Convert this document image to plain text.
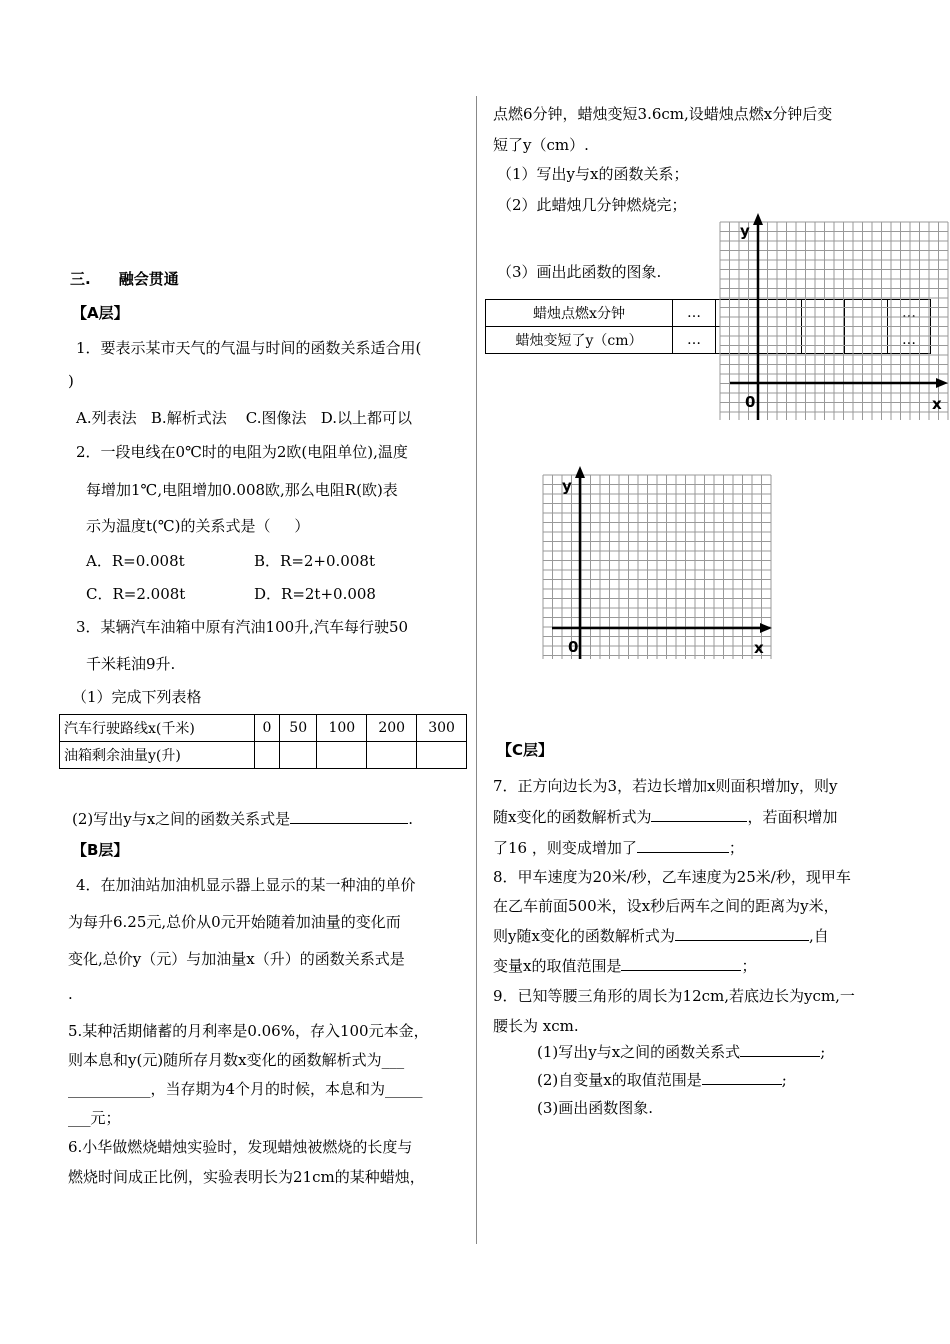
三. 融会贯通
【A层】
1．要表示某市天气的气温与时间的函数关系适合用(
)
A.列表法   B.解析式法    C.图像法   D.以上都可以
2．一段电线在0℃时的电阻为2欧(电阻单位),温度
每增加1℃,电阻增加0.008欧,那么电阻R(欧)表
示为温度t(℃)的关系式是（     ）
A．R=0.008t	B．R=2+0.008t
C．R=2.008t	D．R=2t+0.008
3．某辆汽车油箱中原有汽油100升,汽车每行驶50
千米耗油9升.
（1）完成下列表格
汽车行驶路线x(千米)	0	50	100	200	300
油箱剩余油量y(升)					
(2)写出y与x之间的函数关系式是	.
【B层】
4．在加油站加油机显示器上显示的某一种油的单价
为每升6.25元,总价从0元开始随着加油量的变化而
变化,总价y（元）与加油量x（升）的函数关系式是
.
5.某种活期储蓄的月利率是0.06%，存入100元本金，
则本息和y(元)随所存月数x变化的函数解析式为___
___________，当存期为4个月的时候，本息和为_____
___元；
6.小华做燃烧蜡烛实验时，发现蜡烛被燃烧的长度与
燃烧时间成正比例，实验表明长为21cm的某种蜡烛，
点燃6分钟，蜡烛变短3.6cm,设蜡烛点燃x分钟后变
短了y（cm）.
（1）写出y与x的函数关系；
（2）此蜡烛几分钟燃烧完；
（3）画出此函数的图象.
蜡烛点燃x分钟	…					…
蜡烛变短了y（cm）	…					…
y
0	x
y
0	x
【C层】
7．正方向边长为3，若边长增加x则面积增加y，则y
随x变化的函数解析式为	，若面积增加
了16 ，则变成增加了	；
8．甲车速度为20米/秒，乙车速度为25米/秒，现甲车
在乙车前面500米，设x秒后两车之间的距离为y米，
则y随x变化的函数解析式为	,自
变量x的取值范围是	；
9．已知等腰三角形的周长为12cm,若底边长为ycm,一
腰长为 xcm.
(1)写出y与x之间的函数关系式	;
(2)自变量x的取值范围是	;
(3)画出函数图象.
